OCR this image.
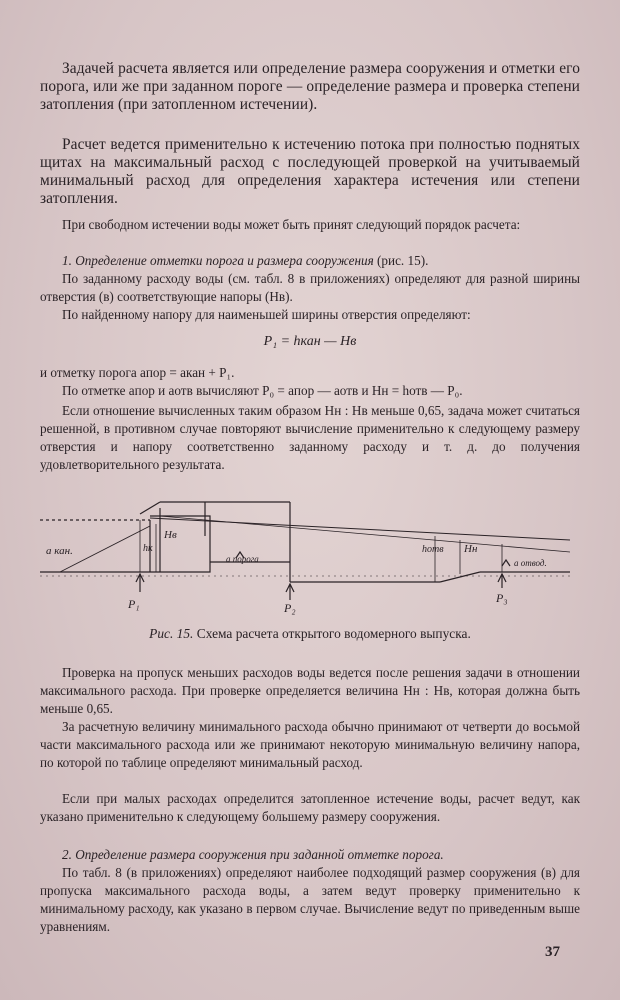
Задачей расчета является или определение размера сооружения и отметки его порога, или же при заданном пороге — определение размера и проверка степени затопления (при затопленном истечении).
Расчет ведется применительно к истечению потока при полностью поднятых щитах на максимальный расход с последующей проверкой на учитываемый минимальный расход для определения характера истечения или степени затопления.
При свободном истечении воды может быть принят следующий порядок расчета:
1. Определение отметки порога и размера сооружения (рис. 15).
По заданному расходу воды (см. табл. 8 в приложениях) определяют для разной ширины отверстия (в) соответствующие напоры (Hв).
По найденному напору для наименьшей ширины отверстия определяют:
P₁ = hкан — Hв
и отметку порога aпор = aкан + P₁.
По отметке aпор и aотв вычисляют P₀ = aпор — aотв и Hн = hотв — P₀.
Если отношение вычисленных таким образом Hн : Hв меньше 0,65, задача может считаться решенной, в противном случае повторяют вычисление применительно к следующему размеру отверстия и напору соответственно заданному расходу и т. д. до получения удовлетворительного результата.
a кан.	hк
Hв
a порога
hотв Hн
a отвод.
P₁	P₂
P₃
Рис. 15. Схема расчета открытого водомерного выпуска.
Проверка на пропуск меньших расходов воды ведется после решения задачи в отношении максимального расхода. При проверке определяется величина Hн : Hв, которая должна быть меньше 0,65.
За расчетную величину минимального расхода обычно принимают от четверти до восьмой части максимального расхода или же принимают некоторую минимальную величину напора, по которой по таблице определяют минимальный расход.
Если при малых расходах определится затопленное истечение воды, расчет ведут, как указано применительно к следующему большему размеру сооружения.
2. Определение размера сооружения при заданной отметке порога.
По табл. 8 (в приложениях) определяют наиболее подходящий размер сооружения (в) для пропуска максимального расхода воды, а затем ведут проверку применительно к минимальному расходу, как указано в первом случае. Вычисление ведут по приведенным выше уравнениям.
37
